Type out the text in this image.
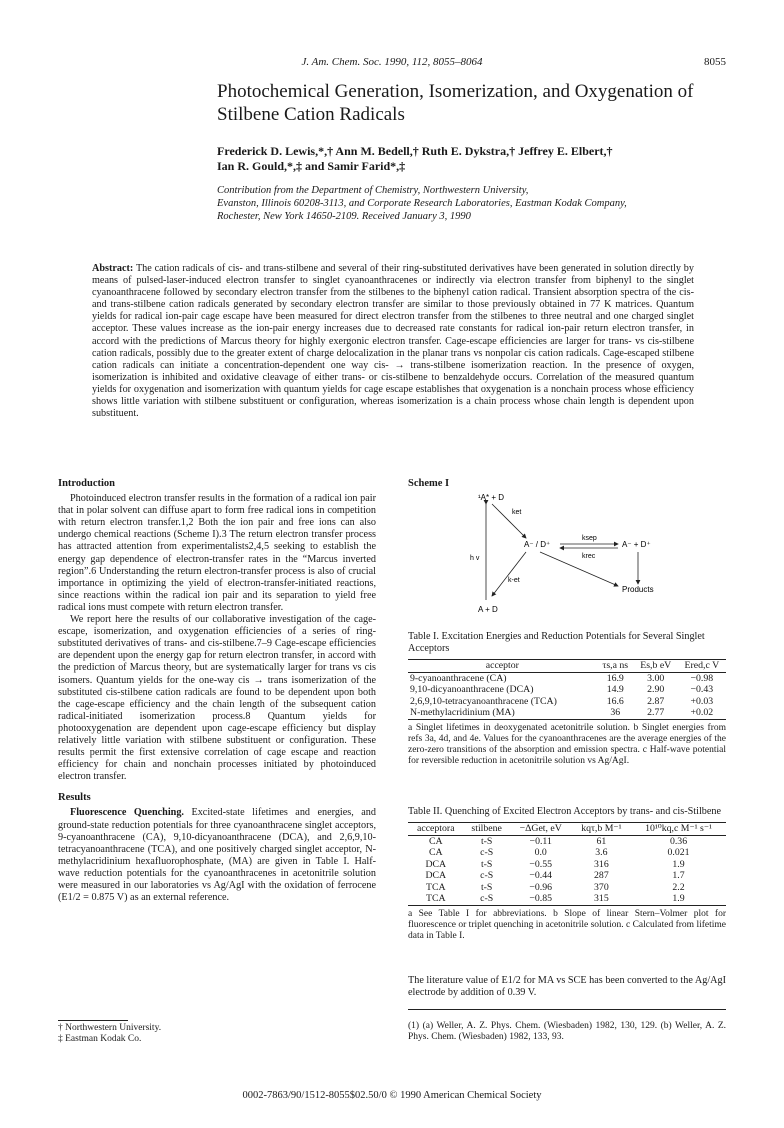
J. Am. Chem. Soc. 1990, 112, 8055–8064	8055
Photochemical Generation, Isomerization, and Oxygenation of Stilbene Cation Radicals
Frederick D. Lewis,*,† Ann M. Bedell,† Ruth E. Dykstra,† Jeffrey E. Elbert,†
Ian R. Gould,*,‡ and Samir Farid*,‡
Contribution from the Department of Chemistry, Northwestern University,
Evanston, Illinois 60208-3113, and Corporate Research Laboratories, Eastman Kodak Company,
Rochester, New York 14650-2109. Received January 3, 1990
Abstract: The cation radicals of cis- and trans-stilbene and several of their ring-substituted derivatives have been generated in solution directly by means of pulsed-laser-induced electron transfer to singlet cyanoanthracenes or indirectly via electron transfer from biphenyl to the singlet cyanoanthracene followed by secondary electron transfer from the stilbenes to the biphenyl cation radical. Transient absorption spectra of the cis- and trans-stilbene cation radicals generated by secondary electron transfer are similar to those previously obtained in 77 K matrices. Quantum yields for radical ion-pair cage escape have been measured for direct electron transfer from the stilbenes to three neutral and one charged singlet acceptor. These values increase as the ion-pair energy increases due to decreased rate constants for radical ion-pair return electron transfer, in accord with the predictions of Marcus theory for highly exergonic electron transfer. Cage-escape efficiencies are larger for trans- vs cis-stilbene cation radicals, possibly due to the greater extent of charge delocalization in the planar trans vs nonpolar cis cation radicals. Cage-escaped stilbene cation radicals can initiate a concentration-dependent one way cis- → trans-stilbene isomerization reaction. In the presence of oxygen, isomerization is inhibited and oxidative cleavage of either trans- or cis-stilbene to benzaldehyde occurs. Correlation of the measured quantum yields for oxygenation and isomerization with quantum yields for cage escape establishes that oxygenation is a nonchain process whose efficiency shows little variation with stilbene substituent or configuration, whereas isomerization is a chain process whose chain length is dependent upon substituent.
Introduction

Photoinduced electron transfer results in the formation of a radical ion pair that in polar solvent can diffuse apart to form free radical ions in competition with return electron transfer.1,2 Both the ion pair and free ions can also undergo chemical reactions (Scheme I).3 The return electron transfer process has attracted attention from experimentalists2,4,5 seeking to establish the energy gap dependence of electron-transfer rates in the “Marcus inverted region”.6 Understanding the return electron-transfer process is also of crucial importance in optimizing the yield of electron-transfer-initiated reactions, since reactions within the radical ion pair and its separation to yield free radical ions must compete with return electron transfer.

We report here the results of our collaborative investigation of the cage-escape, isomerization, and oxygenation efficiencies of a series of ring-substituted derivatives of trans- and cis-stilbene.7–9 Cage-escape efficiencies are dependent upon the energy gap for return electron transfer, in accord with the prediction of Marcus theory, but are systematically larger for trans vs cis isomers. Quantum yields for the one-way cis → trans isomerization of the substituted cis-stilbene cation radicals are found to be dependent upon both the cage-escape efficiency and the chain length of the subsequent cation radical-initiated isomerization process.8 Quantum yields for photooxygenation are dependent upon cage-escape efficiency but display relatively little variation with stilbene substituent or configuration. These results permit the first extensive correlation of cage escape and reaction efficiency for chain and nonchain processes initiated by photoinduced electron transfer.

Results

Fluorescence Quenching. Excited-state lifetimes and energies, and ground-state reduction potentials for three cyanoanthracene singlet acceptors, 9-cyanoanthracene (CA), 9,10-dicyanoanthracene (DCA), and 2,6,9,10-tetracyanoanthracene (TCA), and one positively charged singlet acceptor, N-methylacridinium hexafluorophosphate, (MA) are given in Table I. Half-wave reduction potentials for the cyanoanthracenes in acetonitrile solution were measured in our laboratories vs Ag/AgI with the oxidation of ferrocene (E1/2 = 0.875 V) as an external reference.

† Northwestern University.
‡ Eastman Kodak Co.
Scheme I
¹A* + D
ket
A⁻ / D⁺
ksep
krec
A⁻ + D⁺
h v
k-et
Products
A + D
Table I. Excitation Energies and Reduction Potentials for Several Singlet Acceptors
acceptor	τs,a ns	Es,b eV	Ered,c V
9-cyanoanthracene (CA)	16.9	3.00	−0.98
9,10-dicyanoanthracene (DCA)	14.9	2.90	−0.43
2,6,9,10-tetracyanoanthracene (TCA)	16.6	2.87	+0.03
N-methylacridinium (MA)	36	2.77	+0.02
a Singlet lifetimes in deoxygenated acetonitrile solution. b Singlet energies from refs 3a, 4d, and 4e. Values for the cyanoanthracenes are the average energies of the zero-zero transitions of the absorption and emission spectra. c Half-wave potential for reversible reduction in acetonitrile solution vs Ag/AgI.
Table II. Quenching of Excited Electron Acceptors by trans- and cis-Stilbene
acceptora	stilbene	−ΔGet, eV	kqτ,b M⁻¹	10¹⁰kq,c M⁻¹ s⁻¹
CA	t-S	−0.11	61	0.36
CA	c-S	0.0	3.6	0.021
DCA	t-S	−0.55	316	1.9
DCA	c-S	−0.44	287	1.7
TCA	t-S	−0.96	370	2.2
TCA	c-S	−0.85	315	1.9
a See Table I for abbreviations. b Slope of linear Stern–Volmer plot for fluorescence or triplet quenching in acetonitrile solution. c Calculated from lifetime data in Table I.
The literature value of E1/2 for MA vs SCE has been converted to the Ag/AgI electrode by addition of 0.39 V.
(1) (a) Weller, A. Z. Phys. Chem. (Wiesbaden) 1982, 130, 129. (b) Weller, A. Z. Phys. Chem. (Wiesbaden) 1982, 133, 93.
0002-7863/90/1512-8055$02.50/0 © 1990 American Chemical Society
